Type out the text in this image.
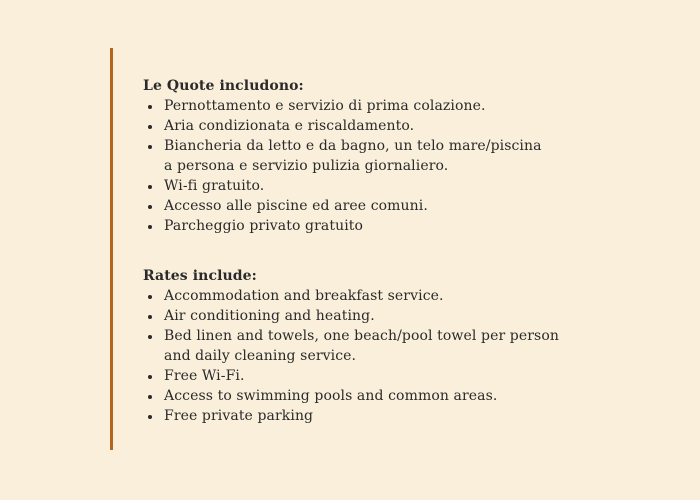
Le Quote includono:

Pernottamento e servizio di prima colazione.
Aria condizionata e riscaldamento.
Biancheria da letto e da bagno, un telo mare/piscina a persona e servizio pulizia giornaliero.
Wi-fi gratuito.
Accesso alle piscine ed aree comuni.
Parcheggio privato gratuito

Rates include:

Accommodation and breakfast service.
Air conditioning and heating.
Bed linen and towels, one beach/pool towel per person and daily cleaning service.
Free Wi-Fi.
Access to swimming pools and common areas.
Free private parking
